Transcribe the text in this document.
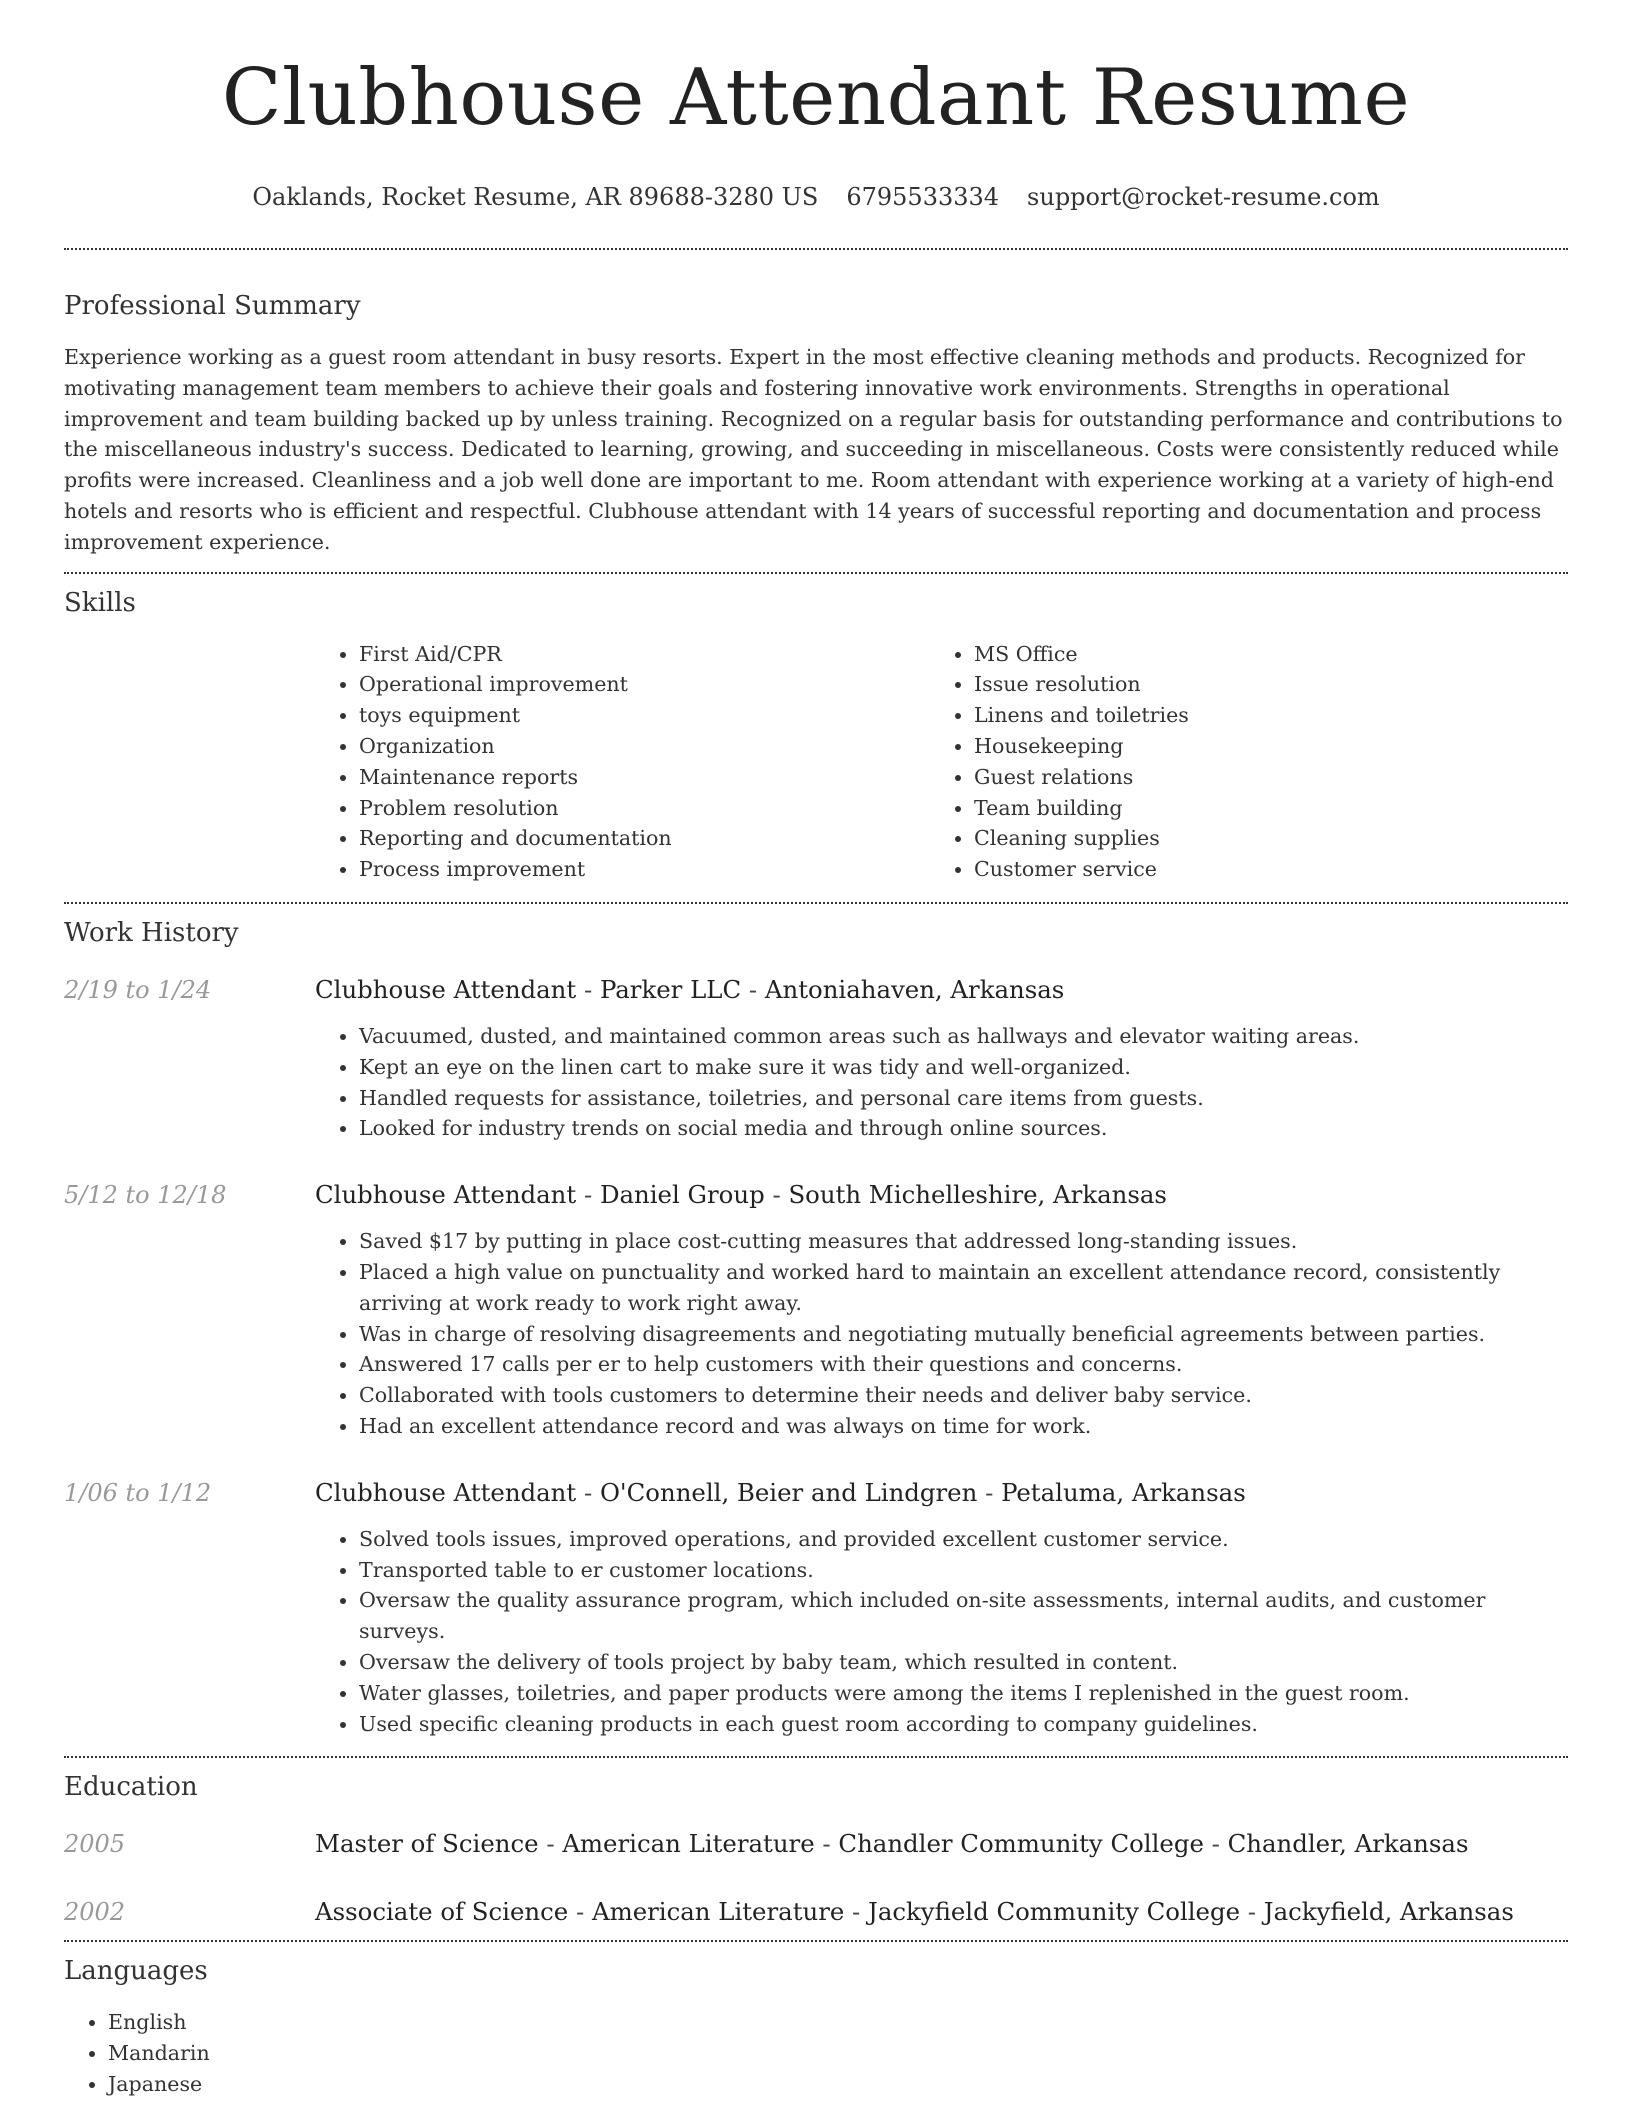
Clubhouse Attendant Resume
Oaklands, Rocket Resume, AR 89688-3280 US 6795533334 support@rocket-resume.com
Professional Summary

Experience working as a guest room attendant in busy resorts. Expert in the most effective cleaning methods and products. Recognized for motivating management team members to achieve their goals and fostering innovative work environments. Strengths in operational improvement and team building backed up by unless training. Recognized on a regular basis for outstanding performance and contributions to the miscellaneous industry's success. Dedicated to learning, growing, and succeeding in miscellaneous. Costs were consistently reduced while profits were increased. Cleanliness and a job well done are important to me. Room attendant with experience working at a variety of high-end hotels and resorts who is efficient and respectful. Clubhouse attendant with 14 years of successful reporting and documentation and process improvement experience.

Skills
• First Aid/CPR
• Operational improvement
• toys equipment
• Organization
• Maintenance reports
• Problem resolution
• Reporting and documentation
• Process improvement
• MS Office
• Issue resolution
• Linens and toiletries
• Housekeeping
• Guest relations
• Team building
• Cleaning supplies
• Customer service
Work History
2/19 to 1/24	Clubhouse Attendant - Parker LLC - Antoniahaven, Arkansas
• Vacuumed, dusted, and maintained common areas such as hallways and elevator waiting areas.
• Kept an eye on the linen cart to make sure it was tidy and well-organized.
• Handled requests for assistance, toiletries, and personal care items from guests.
• Looked for industry trends on social media and through online sources.
5/12 to 12/18	Clubhouse Attendant - Daniel Group - South Michelleshire, Arkansas
• Saved $17 by putting in place cost-cutting measures that addressed long-standing issues.
• Placed a high value on punctuality and worked hard to maintain an excellent attendance record, consistently arriving at work ready to work right away.
• Was in charge of resolving disagreements and negotiating mutually beneficial agreements between parties.
• Answered 17 calls per er to help customers with their questions and concerns.
• Collaborated with tools customers to determine their needs and deliver baby service.
• Had an excellent attendance record and was always on time for work.
1/06 to 1/12	Clubhouse Attendant - O'Connell, Beier and Lindgren - Petaluma, Arkansas
• Solved tools issues, improved operations, and provided excellent customer service.
• Transported table to er customer locations.
• Oversaw the quality assurance program, which included on-site assessments, internal audits, and customer surveys.
• Oversaw the delivery of tools project by baby team, which resulted in content.
• Water glasses, toiletries, and paper products were among the items I replenished in the guest room.
• Used specific cleaning products in each guest room according to company guidelines.
Education
2005	Master of Science - American Literature - Chandler Community College - Chandler, Arkansas
2002	Associate of Science - American Literature - Jackyfield Community College - Jackyfield, Arkansas
Languages
• English
• Mandarin
• Japanese
